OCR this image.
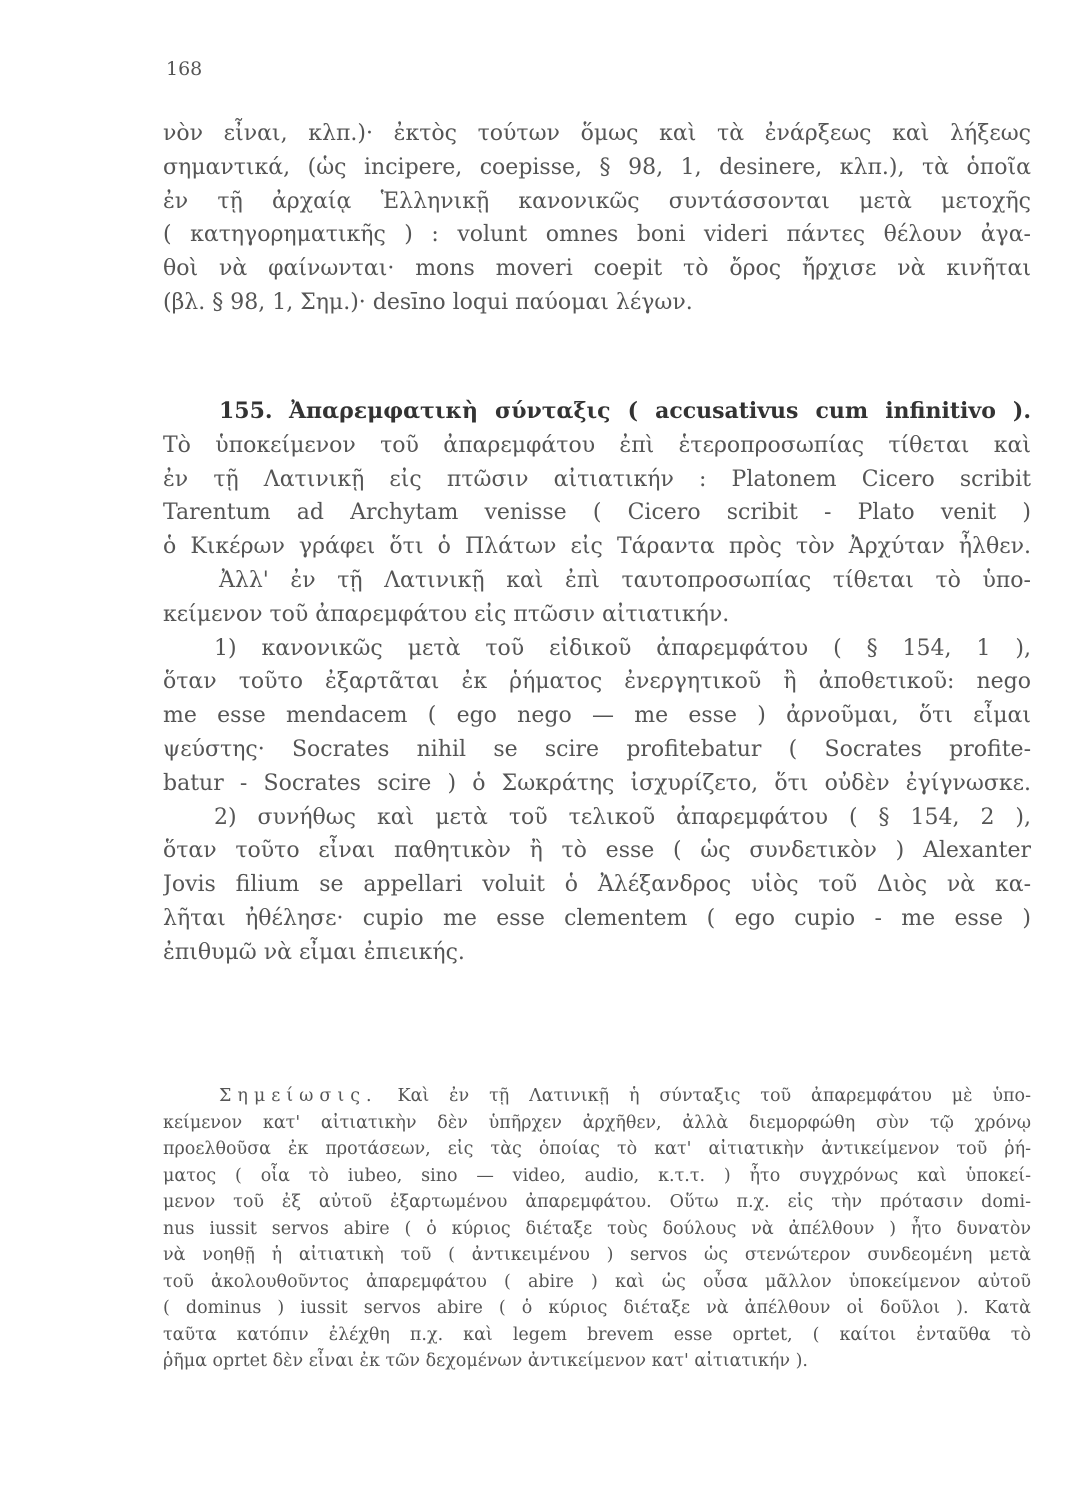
168
νὸν εἶναι, κλπ.)· ἐκτὸς τούτων ὅμως καὶ τὰ ἐνάρξεως καὶ λήξεως
σημαντικά, (ὡς incipere, coepisse, § 98, 1, desinere, κλπ.), τὰ ὁποῖα
ἐν τῇ ἀρχαίᾳ Ἑλληνικῇ κανονικῶς συντάσσονται μετὰ μετοχῆς
( κατηγορηματικῆς ) : volunt omnes boni videri πάντες θέλουν ἀγα-
θοὶ νὰ φαίνωνται· mons moveri coepit τὸ ὄρος ἤρχισε νὰ κινῆται
(βλ. § 98, 1, Σημ.)· desīno loqui παύομαι λέγων.
155. Ἀπαρεμφατικὴ σύνταξις ( accusativus cum infinitivo ).
Τὸ ὑποκείμενον τοῦ ἀπαρεμφάτου ἐπὶ ἑτεροπροσωπίας τίθεται καὶ
ἐν τῇ Λατινικῇ εἰς πτῶσιν αἰτιατικήν : Platonem Cicero scribit
Tarentum ad Archytam venisse ( Cicero scribit - Plato venit )
ὁ Κικέρων γράφει ὅτι ὁ Πλάτων εἰς Τάραντα πρὸς τὸν Ἀρχύταν ἦλθεν.
Ἀλλ' ἐν τῇ Λατινικῇ καὶ ἐπὶ ταυτοπροσωπίας τίθεται τὸ ὑπο-
κείμενον τοῦ ἀπαρεμφάτου εἰς πτῶσιν αἰτιατικήν.
1) κανονικῶς μετὰ τοῦ εἰδικοῦ ἀπαρεμφάτου ( § 154, 1 ),
ὅταν τοῦτο ἐξαρτᾶται ἐκ ῥήματος ἐνεργητικοῦ ἢ ἀποθετικοῦ: nego
me esse mendacem ( ego nego — me esse ) ἀρνοῦμαι, ὅτι εἶμαι
ψεύστης· Socrates nihil se scire profitebatur ( Socrates profite-
batur - Socrates scire ) ὁ Σωκράτης ἰσχυρίζετο, ὅτι οὐδὲν ἐγίγνωσκε.
2) συνήθως καὶ μετὰ τοῦ τελικοῦ ἀπαρεμφάτου ( § 154, 2 ),
ὅταν τοῦτο εἶναι παθητικὸν ἢ τὸ esse ( ὡς συνδετικὸν ) Alexanter
Jovis filium se appellari voluit ὁ Ἀλέξανδρος υἱὸς τοῦ Διὸς νὰ κα-
λῆται ἠθέλησε· cupio me esse clementem ( ego cupio - me esse )
ἐπιθυμῶ νὰ εἶμαι ἐπιεικής.
Σημείωσις. Καὶ ἐν τῇ Λατινικῇ ἡ σύνταξις τοῦ ἀπαρεμφάτου μὲ ὑπο-
κείμενον κατ' αἰτιατικὴν δὲν ὑπῆρχεν ἀρχῆθεν, ἀλλὰ διεμορφώθη σὺν τῷ χρόνῳ
προελθοῦσα ἐκ προτάσεων, εἰς τὰς ὁποίας τὸ κατ' αἰτιατικὴν ἀντικείμενον τοῦ ῥή-
ματος ( οἷα τὸ iubeo, sino — video, audio, κ.τ.τ. ) ἦτο συγχρόνως καὶ ὑποκεί-
μενον τοῦ ἐξ αὐτοῦ ἐξαρτωμένου ἀπαρεμφάτου. Οὕτω π.χ. εἰς τὴν πρότασιν domi-
nus iussit servos abire ( ὁ κύριος διέταξε τοὺς δούλους νὰ ἀπέλθουν ) ἦτο δυνατὸν
νὰ νοηθῇ ἡ αἰτιατικὴ τοῦ ( ἀντικειμένου ) servos ὡς στενώτερον συνδεομένη μετὰ
τοῦ ἀκολουθοῦντος ἀπαρεμφάτου ( abire ) καὶ ὡς οὖσα μᾶλλον ὑποκείμενον αὐτοῦ
( dominus ) iussit servos abire ( ὁ κύριος διέταξε νὰ ἀπέλθουν οἱ δοῦλοι ). Κατὰ
ταῦτα κατόπιν ἐλέχθη π.χ. καὶ legem brevem esse oprtet, ( καίτοι ἐνταῦθα τὸ
ῥῆμα oprtet δὲν εἶναι ἐκ τῶν δεχομένων ἀντικείμενον κατ' αἰτιατικήν ).
